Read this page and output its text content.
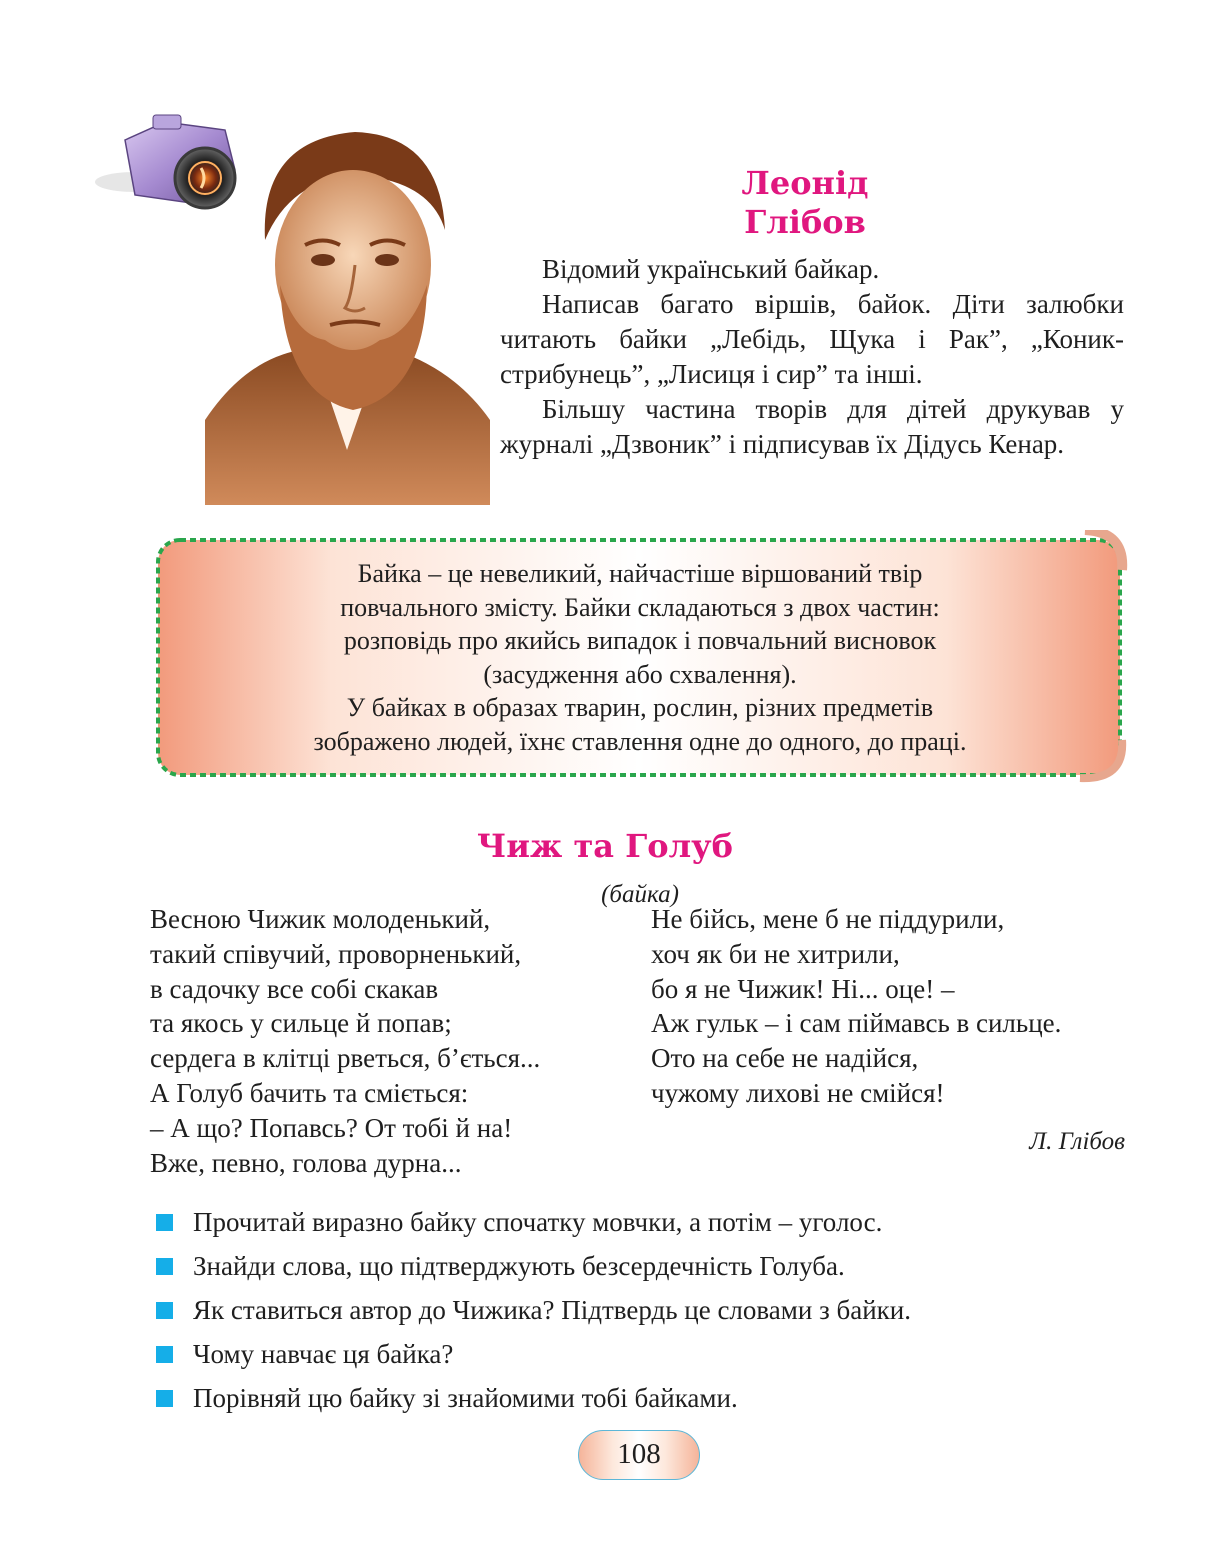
Леонід
Глібов

Відомий український байкар.

Написав багато віршів, байок. Діти залюбки читають байки „Лебідь, Щука і Рак”, „Коник-стрибунець”, „Лисиця і сир” та інші.

Більшу частина творів для дітей друкував у журналі „Дзвоник” і підписував їх Дідусь Кенар.

Байка – це невеликий, найчастіше віршований твір
повчального змісту. Байки складаються з двох частин:
розповідь про якийсь випадок і повчальний висновок
(засудження або схвалення).
У байках в образах тварин, рослин, різних предметів
зображено людей, їхнє ставлення одне до одного, до праці.
Чиж та Голуб
(байка)
Весною Чижик молоденький,
такий співучий, проворненький,
в садочку все собі скакав
та якось у сильце й попав;
сердега в клітці рветься, б’ється...
А Голуб бачить та сміється:
– А що? Попавсь? От тобі й на!
Вже, певно, голова дурна...
Не бійсь, мене б не піддурили,
хоч як би не хитрили,
бо я не Чижик! Ні... оце! –
Аж гульк – і сам піймавсь в сильце.
Ото на себе не надійся,
чужому лихові не смійся!
Л. Глібов
Прочитай виразно байку спочатку мовчки, а потім – уголос.
Знайди слова, що підтверджують безсердечність Голуба.
Як ставиться автор до Чижика? Підтвердь це словами з байки.
Чому навчає ця байка?
Порівняй цю байку зі знайомими тобі байками.
108
